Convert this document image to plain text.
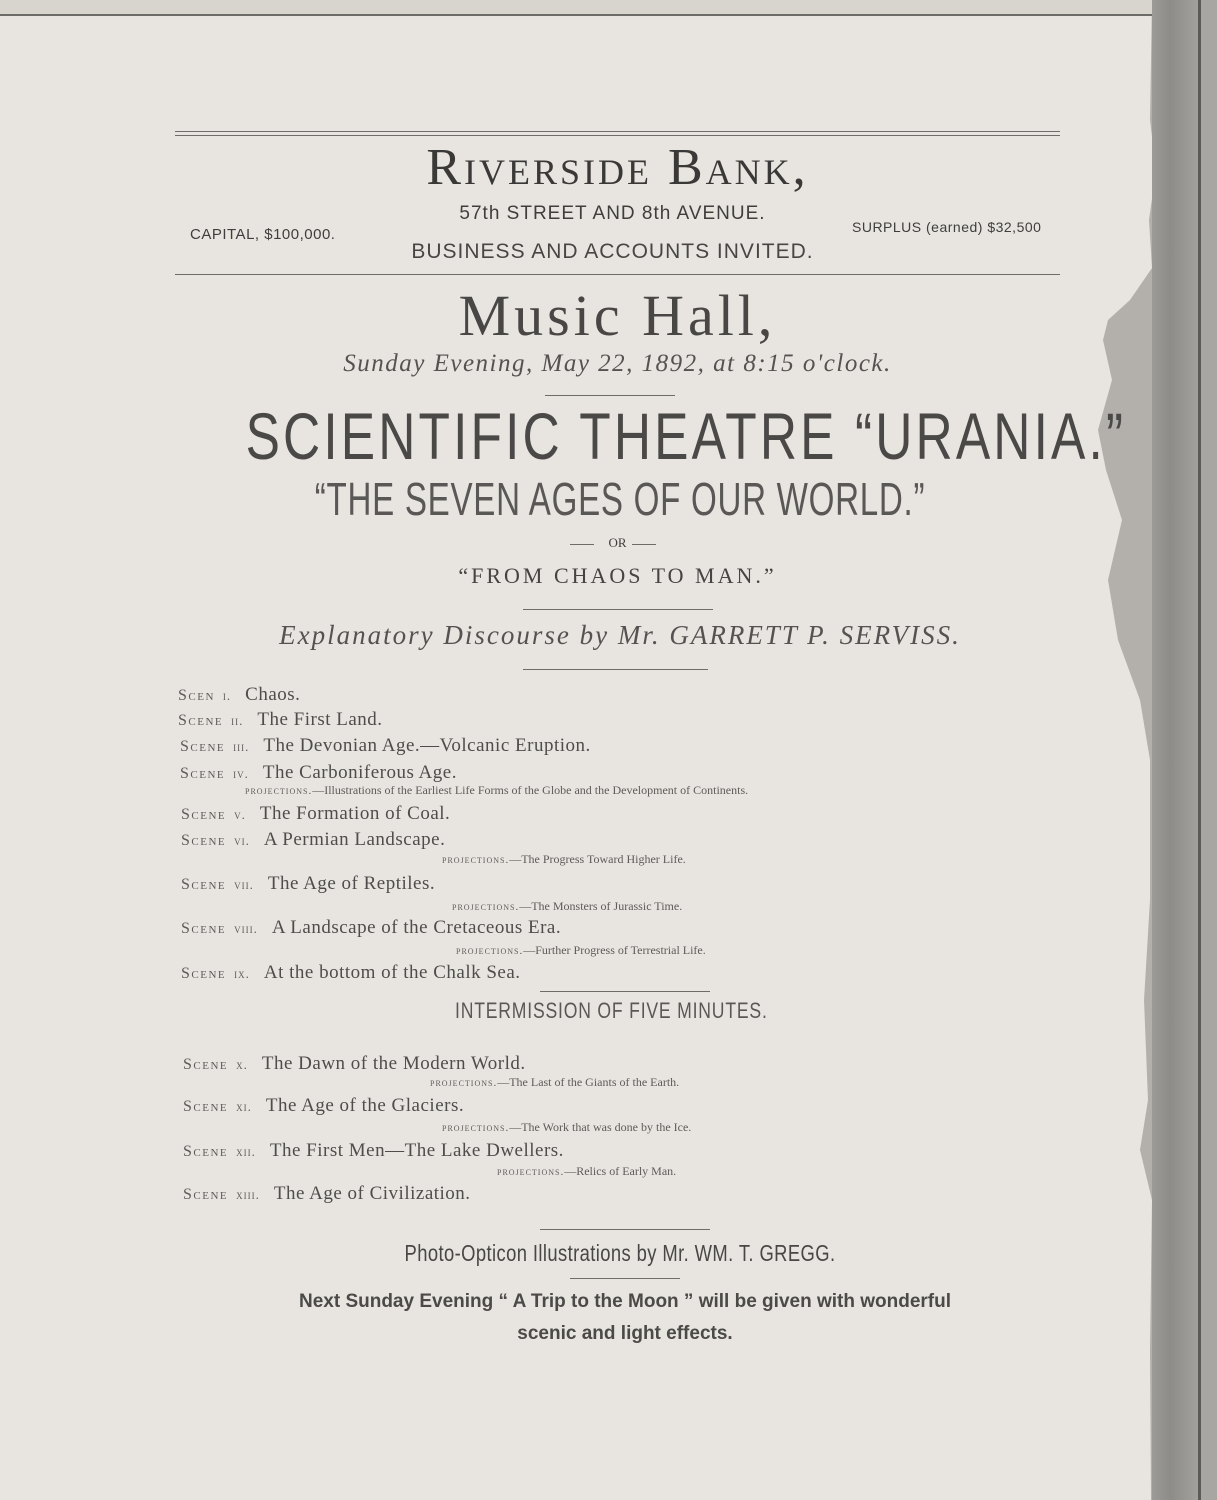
Riverside Bank,
57th STREET AND 8th AVENUE.
CAPITAL, $100,000.	SURPLUS (earned) $32,500
BUSINESS AND ACCOUNTS INVITED.
Music Hall,
Sunday Evening, May 22, 1892, at 8:15 o'clock.
SCIENTIFIC THEATRE “URANIA.”
“THE SEVEN AGES OF OUR WORLD.”
OR
“FROM CHAOS TO MAN.”
Explanatory Discourse by Mr. GARRETT P. SERVISS.
Scen i. Chaos.
Scene ii. The First Land.
Scene iii. The Devonian Age.—Volcanic Eruption.
Scene iv. The Carboniferous Age.
projections.—Illustrations of the Earliest Life Forms of the Globe and the Development of Continents.
Scene v. The Formation of Coal.
Scene vi. A Permian Landscape.
projections.—The Progress Toward Higher Life.
Scene vii. The Age of Reptiles.
projections.—The Monsters of Jurassic Time.
Scene viii. A Landscape of the Cretaceous Era.
projections.—Further Progress of Terrestrial Life.
Scene ix. At the bottom of the Chalk Sea.
INTERMISSION OF FIVE MINUTES.
Scene x. The Dawn of the Modern World.
projections.—The Last of the Giants of the Earth.
Scene xi. The Age of the Glaciers.
projections.—The Work that was done by the Ice.
Scene xii. The First Men—The Lake Dwellers.
projections.—Relics of Early Man.
Scene xiii. The Age of Civilization.
Photo-Opticon Illustrations by Mr. WM. T. GREGG.
Next Sunday Evening “ A Trip to the Moon ” will be given with wonderful
scenic and light effects.
